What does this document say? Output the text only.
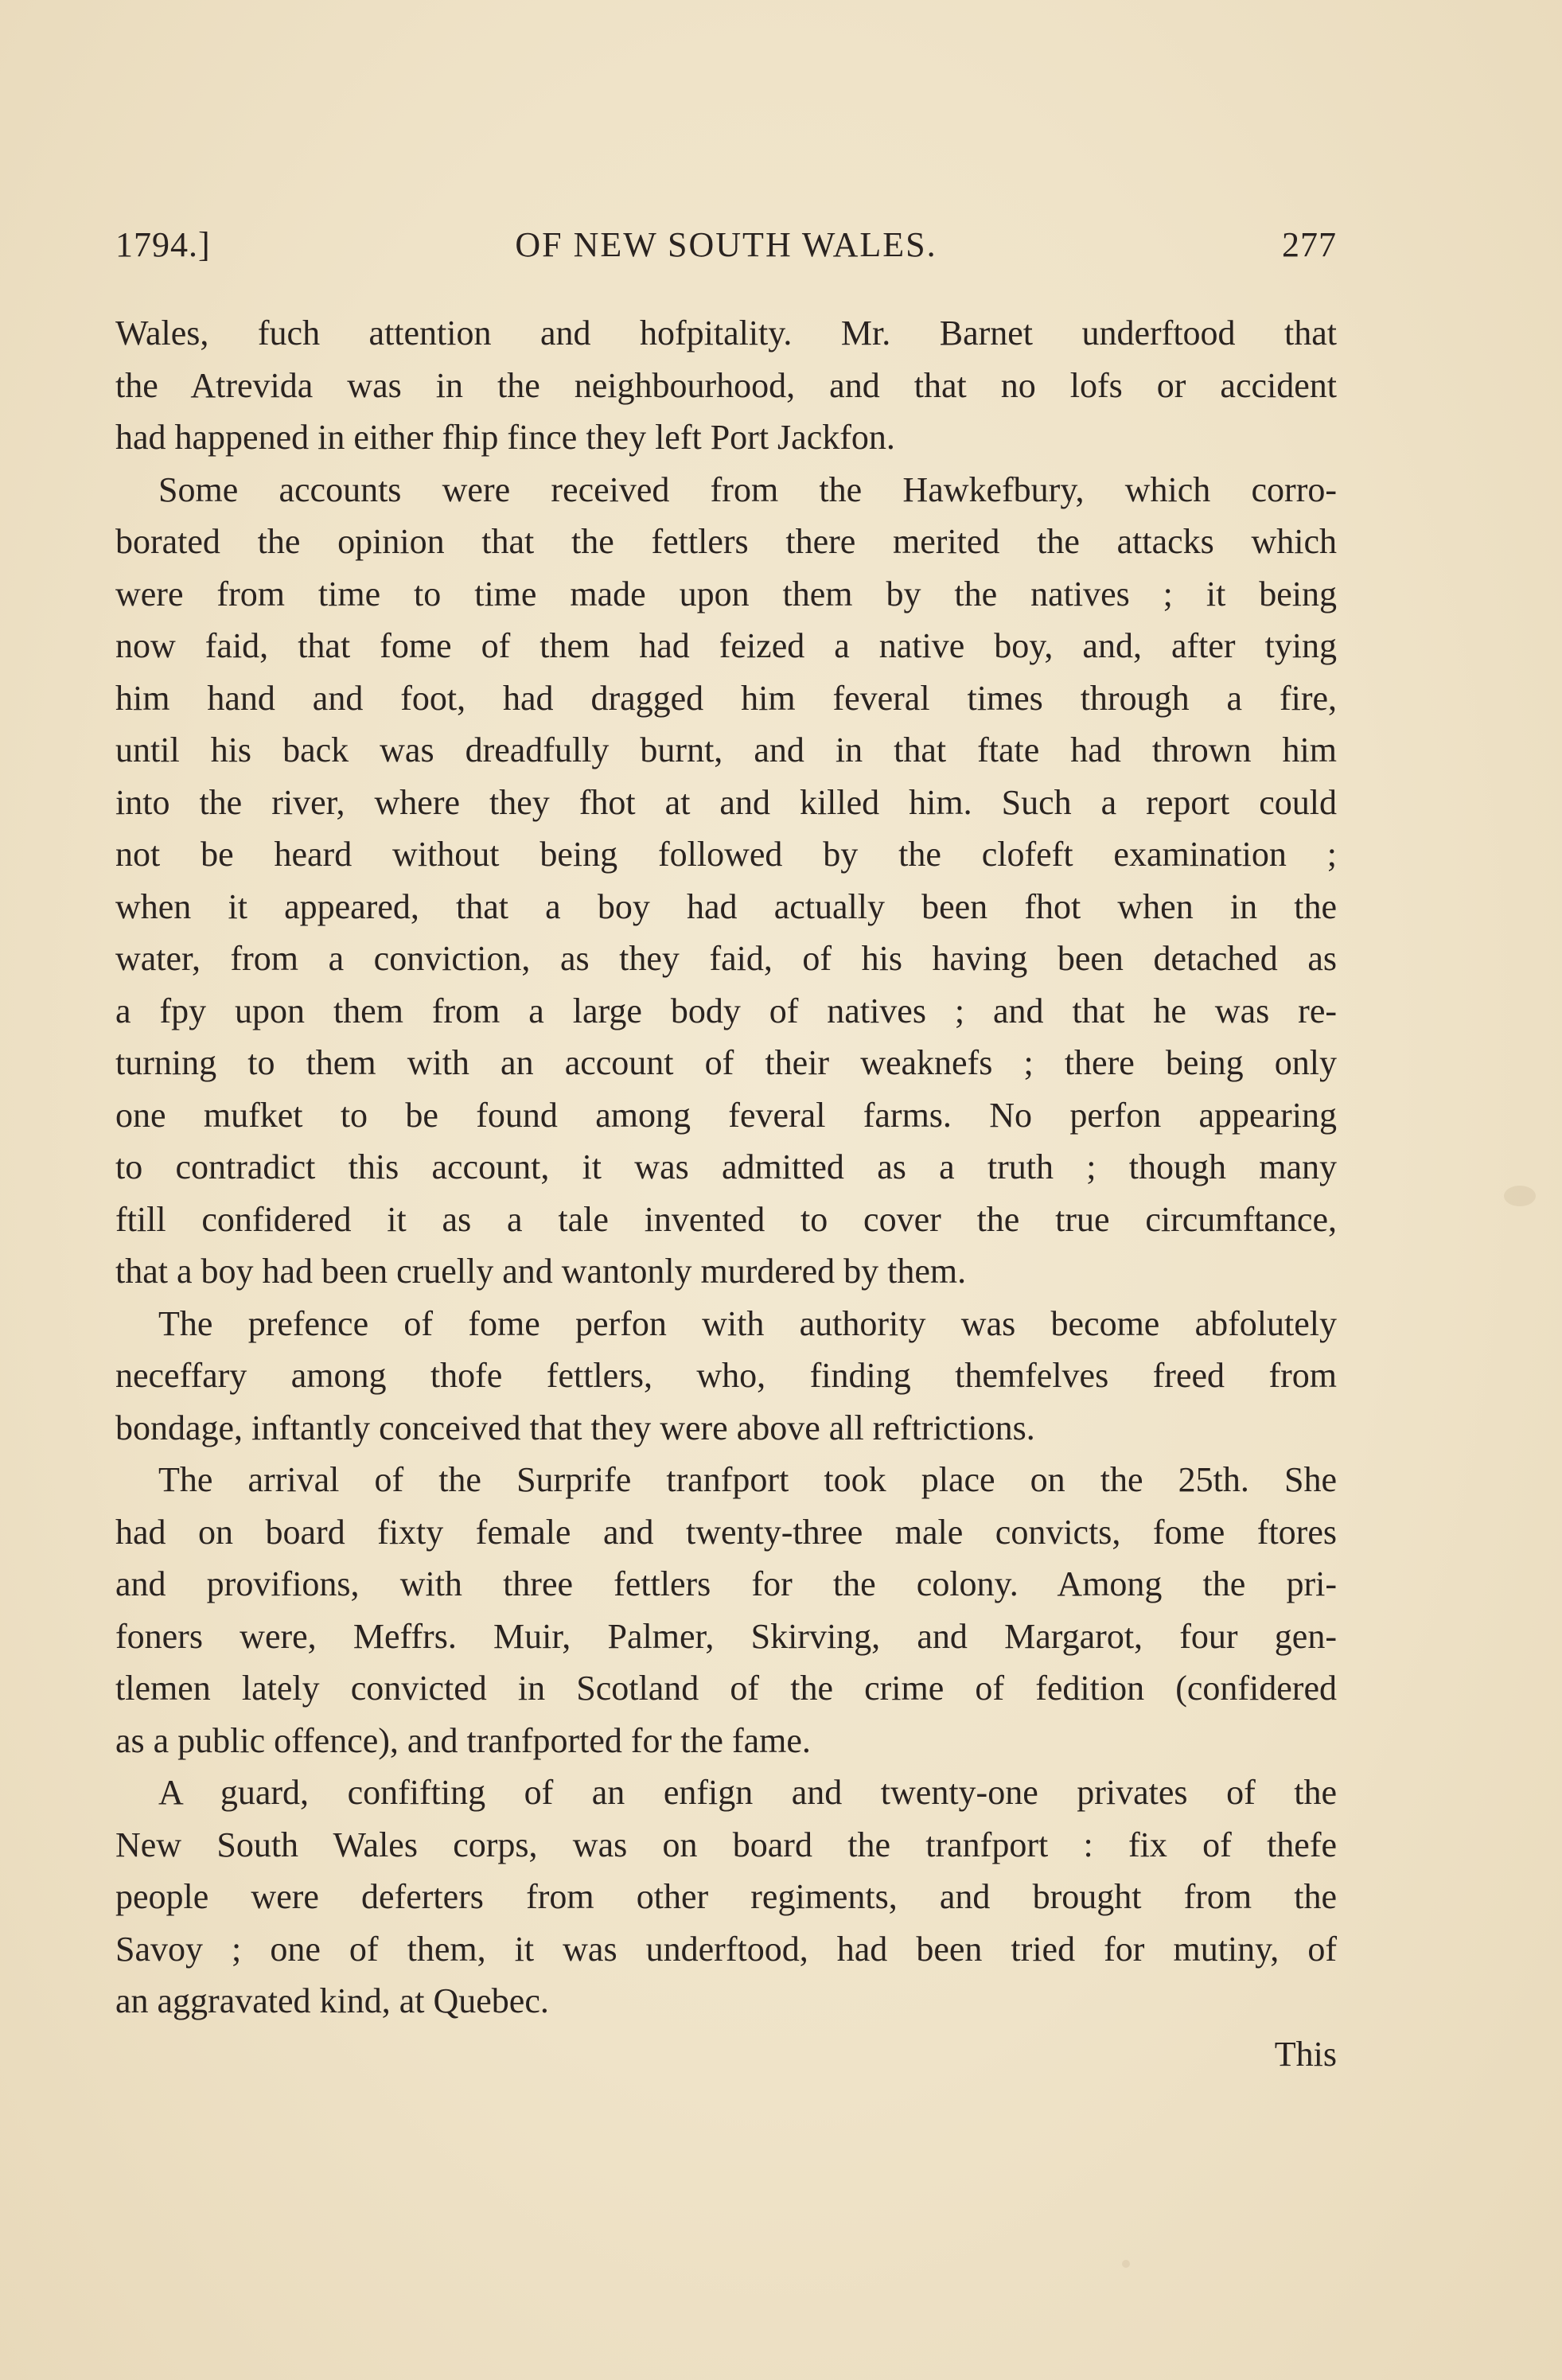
1794.]	OF NEW SOUTH WALES.	277
Wales, fuch attention and hofpitality. Mr. Barnet underftood that
the Atrevida was in the neighbourhood, and that no lofs or accident
had happened in either fhip fince they left Port Jackfon.
Some accounts were received from the Hawkefbury, which corro-
borated the opinion that the fettlers there merited the attacks which
were from time to time made upon them by the natives ; it being
now faid, that fome of them had feized a native boy, and, after tying
him hand and foot, had dragged him feveral times through a fire,
until his back was dreadfully burnt, and in that ftate had thrown him
into the river, where they fhot at and killed him. Such a report could
not be heard without being followed by the clofeft examination ;
when it appeared, that a boy had actually been fhot when in the
water, from a conviction, as they faid, of his having been detached as
a fpy upon them from a large body of natives ; and that he was re-
turning to them with an account of their weaknefs ; there being only
one mufket to be found among feveral farms. No perfon appearing
to contradict this account, it was admitted as a truth ; though many
ftill confidered it as a tale invented to cover the true circumftance,
that a boy had been cruelly and wantonly murdered by them.
The prefence of fome perfon with authority was become abfolutely
neceffary among thofe fettlers, who, finding themfelves freed from
bondage, inftantly conceived that they were above all reftrictions.
The arrival of the Surprife tranfport took place on the 25th. She
had on board fixty female and twenty-three male convicts, fome ftores
and provifions, with three fettlers for the colony. Among the pri-
foners were, Meffrs. Muir, Palmer, Skirving, and Margarot, four gen-
tlemen lately convicted in Scotland of the crime of fedition (confidered
as a public offence), and tranfported for the fame.
A guard, confifting of an enfign and twenty-one privates of the
New South Wales corps, was on board the tranfport : fix of thefe
people were deferters from other regiments, and brought from the
Savoy ; one of them, it was underftood, had been tried for mutiny, of
an aggravated kind, at Quebec.
This
